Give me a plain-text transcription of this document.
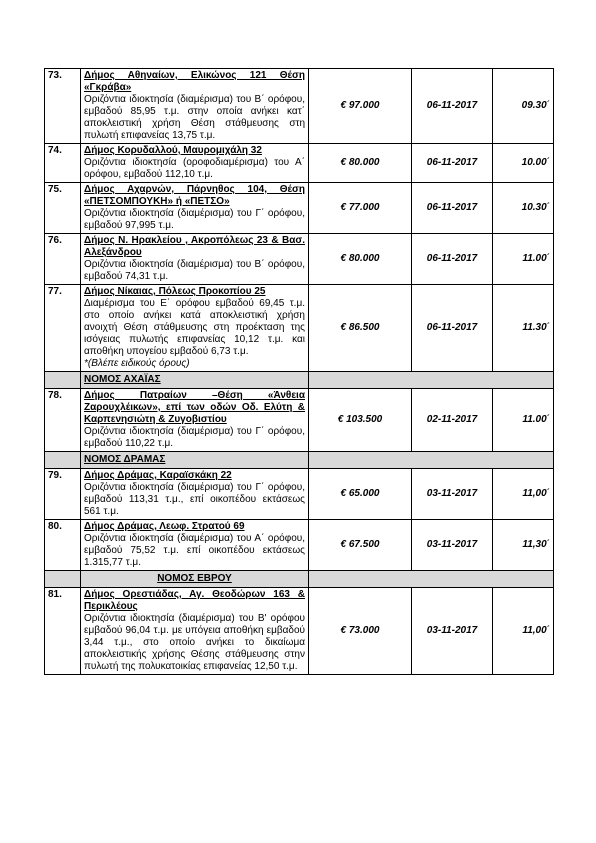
73.	Δήμος Αθηναίων, Ελικώνος 121 Θέση «Γκράβα»
Οριζόντια ιδιοκτησία (διαμέρισμα) του Β΄ ορόφου, εμβαδού 85,95 τ.μ. στην οποία ανήκει κατ΄ αποκλειστική χρήση Θέση στάθμευσης στη πυλωτή επιφανείας 13,75 τ.μ.	€ 97.000	06-11-2017	09.30΄
74.	Δήμος Κορυδαλλού, Μαυρομιχάλη 32
Οριζόντια ιδιοκτησία (οροφοδιαμέρισμα) του Α΄ ορόφου, εμβαδού 112,10 τ.μ.	€ 80.000	06-11-2017	10.00΄
75.	Δήμος Αχαρνών, Πάρνηθος 104, Θέση «ΠΕΤΣΟΜΠΟΥΚΗ» ή «ΠΕΤΣΟ»
Οριζόντια ιδιοκτησία (διαμέρισμα) του Γ΄ ορόφου, εμβαδού 97,995 τ.μ.	€ 77.000	06-11-2017	10.30΄
76.	Δήμος Ν. Ηρακλείου , Ακροπόλεως 23 & Βασ. Αλεξάνδρου
Οριζόντια ιδιοκτησία (διαμέρισμα) του Β΄ ορόφου, εμβαδού 74,31 τ.μ.	€ 80.000	06-11-2017	11.00΄
77.	Δήμος Νίκαιας, Πόλεως Προκοπίου 25
Διαμέρισμα του Ε΄ ορόφου εμβαδού 69,45 τ.μ. στο οποίο ανήκει κατά αποκλειστική χρήση ανοιχτή Θέση στάθμευσης στη προέκταση της ισόγειας πυλωτής επιφανείας 10,12 τ.μ. και αποθήκη υπογείου εμβαδού 6,73 τ.μ.
*(Βλέπε ειδικούς όρους)	€ 86.500	06-11-2017	11.30΄
	ΝΟΜΟΣ ΑΧΑΪΑΣ			
78.	Δήμος Πατραίων –Θέση «Άνθεια Ζαρουχλέικων», επί των οδών Οδ. Ελύτη & Καρπενησιώτη & Ζυγοβιστίου
Οριζόντια ιδιοκτησία (διαμέρισμα) του Γ΄ ορόφου, εμβαδού 110,22 τ.μ.	€ 103.500	02-11-2017	11.00΄
	ΝΟΜΟΣ ΔΡΑΜΑΣ			
79.	Δήμος Δράμας, Καραϊσκάκη 22
Οριζόντια ιδιοκτησία (διαμέρισμα) του Γ΄ ορόφου, εμβαδού 113,31 τ.μ., επί οικοπέδου εκτάσεως 561 τ.μ.	€ 65.000	03-11-2017	11,00΄
80.	Δήμος Δράμας, Λεωφ. Στρατού 69
Οριζόντια ιδιοκτησία (διαμέρισμα) του Α΄ ορόφου, εμβαδού 75,52 τ.μ. επί οικοπέδου εκτάσεως 1.315,77 τ.μ.	€ 67.500	03-11-2017	11,30΄
	ΝΟΜΟΣ ΕΒΡΟΥ			
81.	Δήμος Ορεστιάδας, Αγ. Θεοδώρων 163 & Περικλέους
Οριζόντια ιδιοκτησία (διαμέρισμα) του Β' ορόφου εμβαδού 96,04 τ.μ. με υπόγεια αποθήκη εμβαδού 3,44 τ.μ., στο οποίο ανήκει το δικαίωμα αποκλειστικής χρήσης Θέσης στάθμευσης στην πυλωτή της πολυκατοικίας επιφανείας 12,50 τ.μ.	€ 73.000	03-11-2017	11,00΄
